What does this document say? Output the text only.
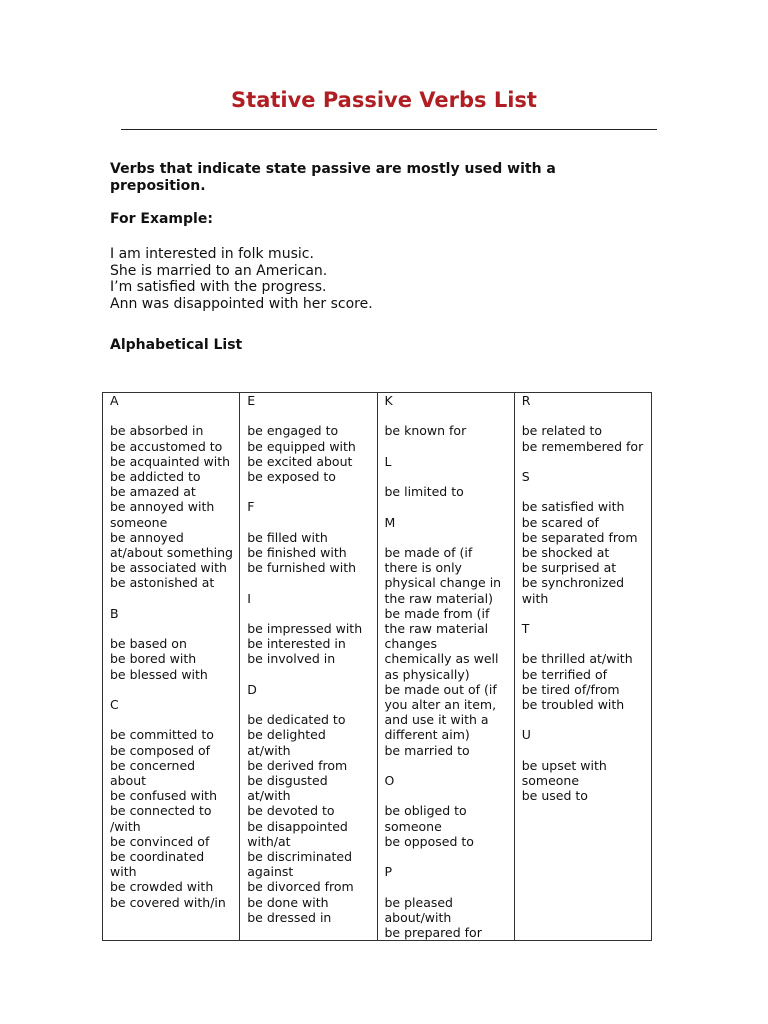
Stative Passive Verbs List

Verbs that indicate state passive are mostly used with a preposition.

For Example:

I am interested in folk music.
She is married to an American.
I’m satisfied with the progress.
Ann was disappointed with her score.

Alphabetical List

A
be absorbed in
be accustomed to
be acquainted with
be addicted to
be amazed at
be annoyed with someone
be annoyed at/about something
be associated with
be astonished at
B
be based on
be bored with
be blessed with
C
be committed to
be composed of
be concerned about
be confused with
be connected to /with
be convinced of
be coordinated with
be crowded with
be covered with/in

E
be engaged to
be equipped with
be excited about
be exposed to
F
be filled with
be finished with
be furnished with
I
be impressed with
be interested in
be involved in
D
be dedicated to
be delighted at/with
be derived from
be disgusted at/with
be devoted to
be disappointed with/at
be discriminated against
be divorced from
be done with
be dressed in

K
be known for
L
be limited to
M
be made of (if there is only physical change in the raw material)
be made from (if the raw material changes chemically as well as physically)
be made out of (if you alter an item, and use it with a different aim)
be married to
O
be obliged to someone
be opposed to
P
be pleased about/with
be prepared for

R
be related to
be remembered for
S
be satisfied with
be scared of
be separated from
be shocked at
be surprised at
be synchronized with
T
be thrilled at/with
be terrified of
be tired of/from
be troubled with
U
be upset with someone
be used to
